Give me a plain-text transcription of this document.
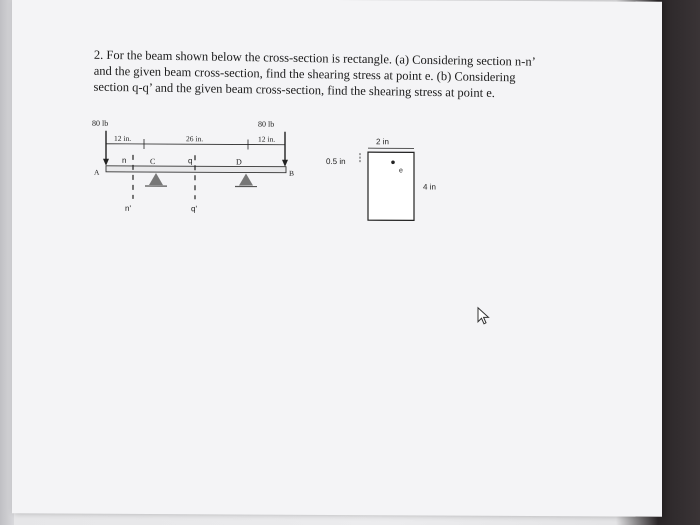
2. For the beam shown below the cross-section is rectangle. (a) Considering section n-n’

and the given beam cross-section, find the shearing stress at point e. (b) Considering

section q-q’ and the given beam cross-section, find the shearing stress at point e.

80 lb	80 lb
12 in.	26 in.	12 in.
A	B
C	D
n
n'
q
q'
2 in
0.5 in
e
4 in
